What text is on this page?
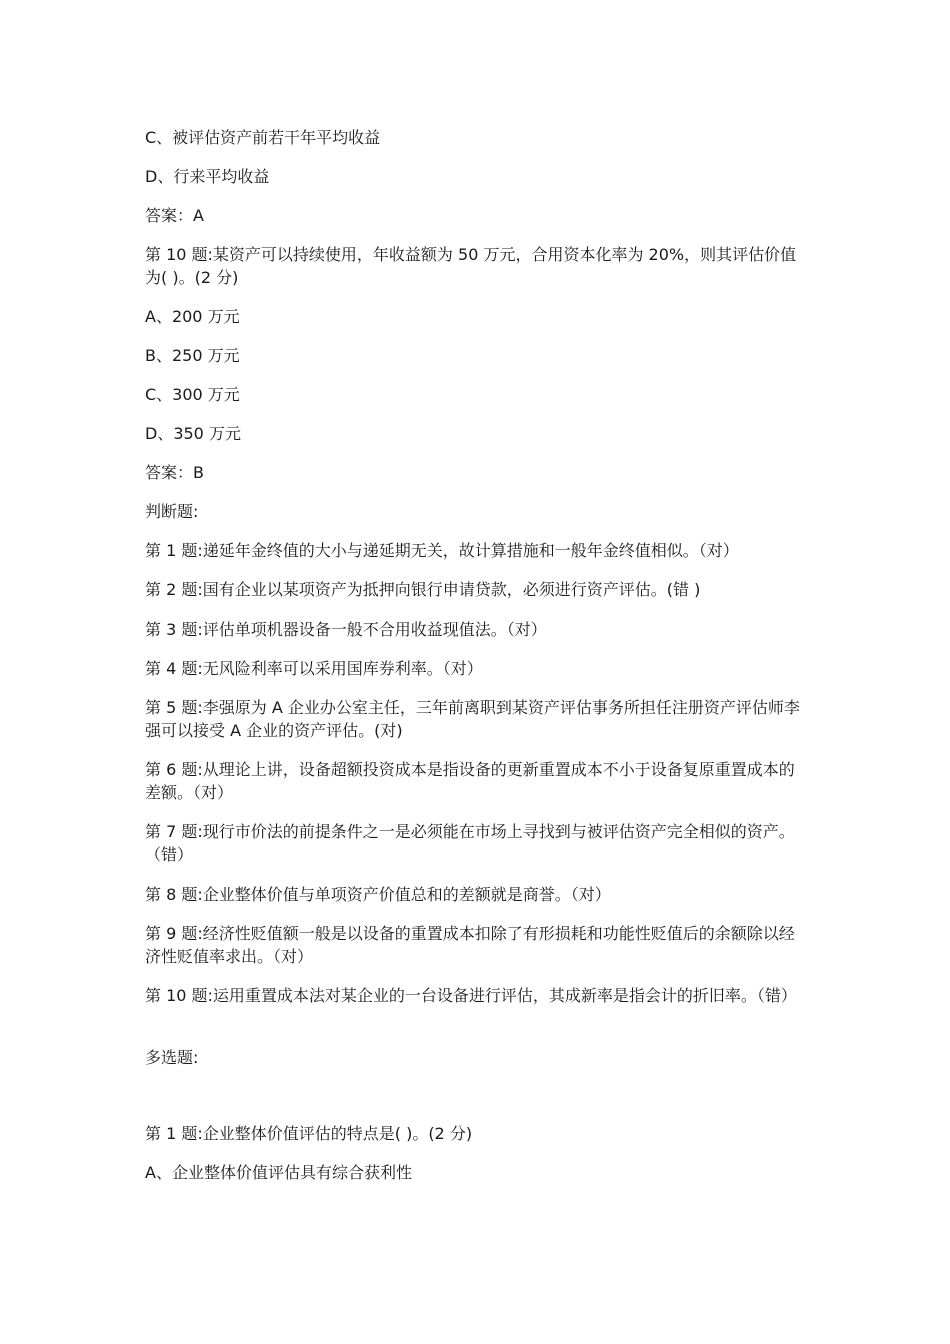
C、被评估资产前若干年平均收益
D、行来平均收益
答案：A
第 10 题:某资产可以持续使用，年收益额为 50 万元，合用资本化率为 20%，则其评估价值为( )。(2 分)
A、200 万元
B、250 万元
C、300 万元
D、350 万元
答案：B
判断题:
第 1 题:递延年金终值的大小与递延期无关，故计算措施和一般年金终值相似。（对）
第 2 题:国有企业以某项资产为抵押向银行申请贷款，必须进行资产评估。(错 )
第 3 题:评估单项机器设备一般不合用收益现值法。（对）
第 4 题:无风险利率可以采用国库券利率。（对）
第 5 题:李强原为 A 企业办公室主任，三年前离职到某资产评估事务所担任注册资产评估师李强可以接受 A 企业的资产评估。(对)
第 6 题:从理论上讲，设备超额投资成本是指设备的更新重置成本不小于设备复原重置成本的差额。（对）
第 7 题:现行市价法的前提条件之一是必须能在市场上寻找到与被评估资产完全相似的资产。（错）
第 8 题:企业整体价值与单项资产价值总和的差额就是商誉。（对）
第 9 题:经济性贬值额一般是以设备的重置成本扣除了有形损耗和功能性贬值后的余额除以经济性贬值率求出。（对）
第 10 题:运用重置成本法对某企业的一台设备进行评估，其成新率是指会计的折旧率。（错）
多选题:
第 1 题:企业整体价值评估的特点是( )。(2 分)
A、企业整体价值评估具有综合获利性
